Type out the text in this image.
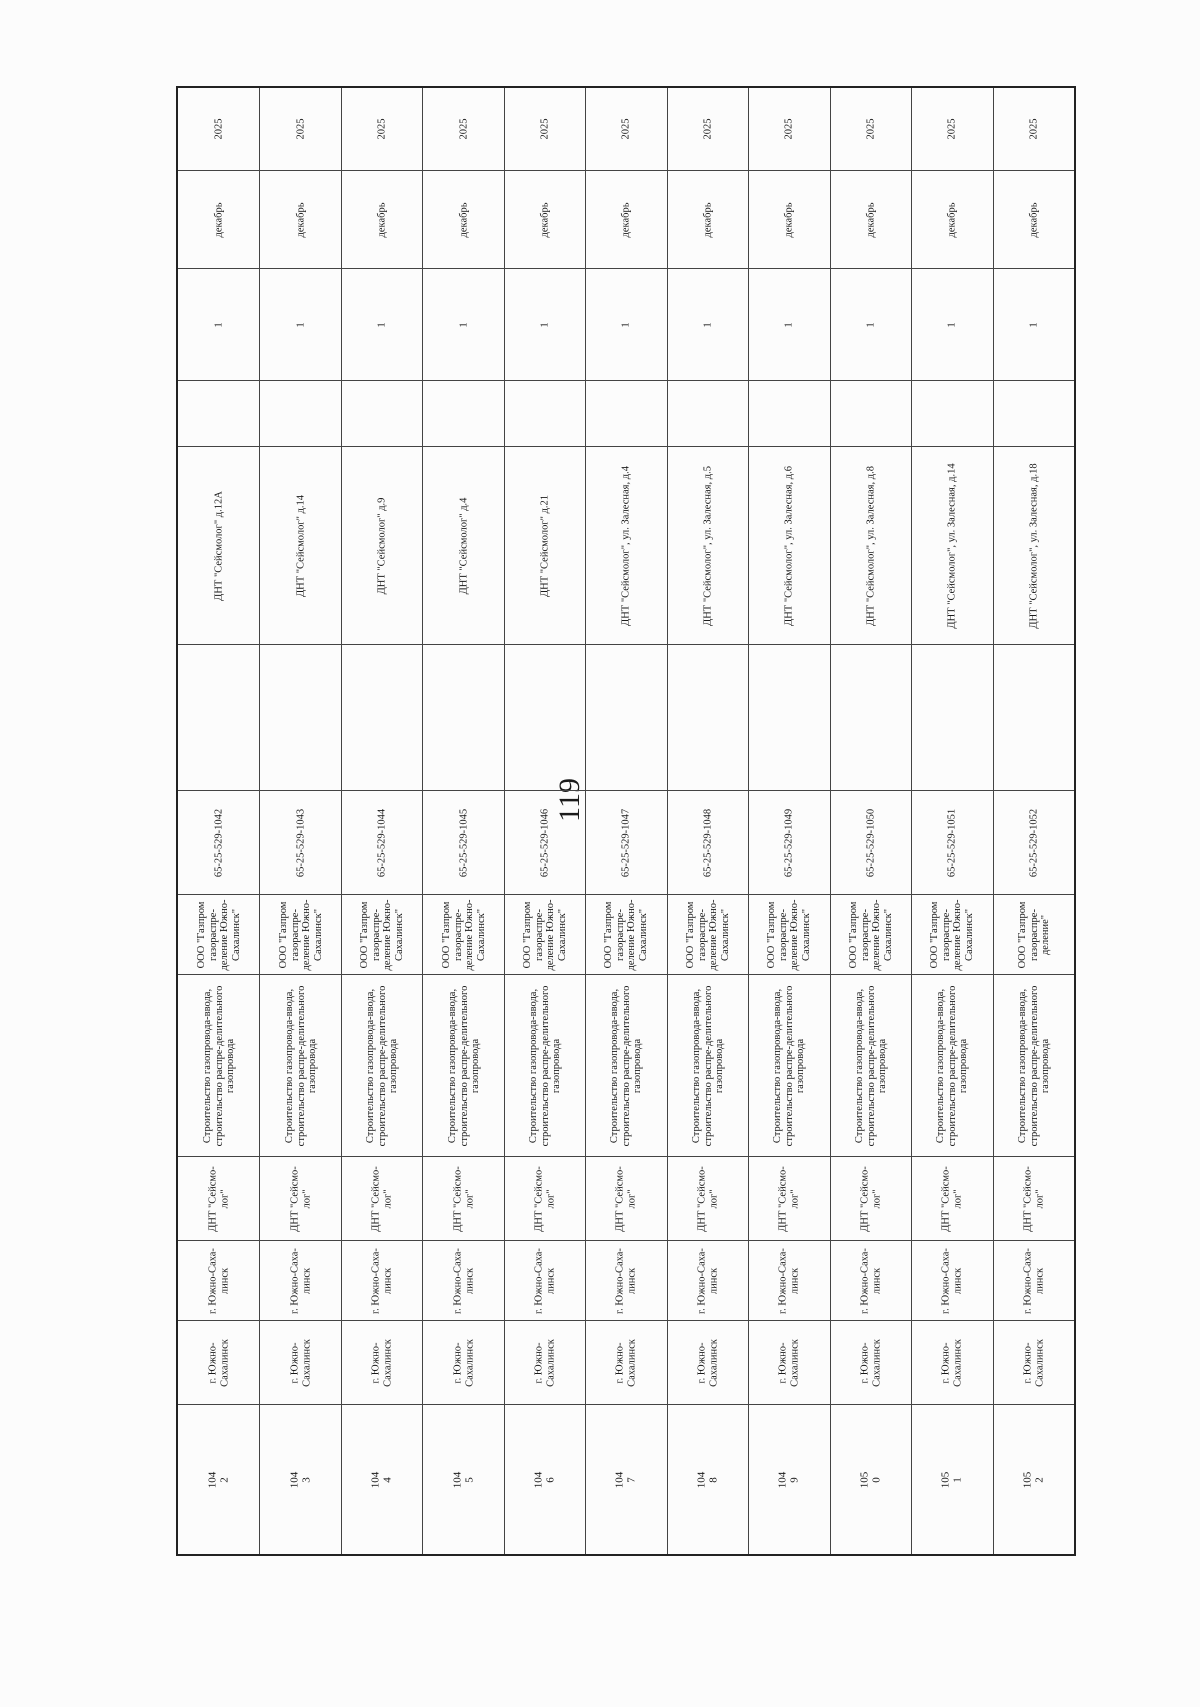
119
2025
декабрь
1
ДНТ "Сейсмолог" д.12А
65-25-529-1042
ООО "Газпром газораспре-деление Южно-Сахалинск"
Строительство газопровода-ввода, строительство распре-делительного газопровода
ДНТ "Сейсмо-лог"
г. Южно-Саха-линск
г. Южно-Сахалинск
104
2
2025
декабрь
1
ДНТ "Сейсмолог" д.14
65-25-529-1043
ООО "Газпром газораспре-деление Южно-Сахалинск"
Строительство газопровода-ввода, строительство распре-делительного газопровода
ДНТ "Сейсмо-лог"
г. Южно-Саха-линск
г. Южно-Сахалинск
104
3
2025
декабрь
1
ДНТ "Сейсмолог" д.9
65-25-529-1044
ООО "Газпром газораспре-деление Южно-Сахалинск"
Строительство газопровода-ввода, строительство распре-делительного газопровода
ДНТ "Сейсмо-лог"
г. Южно-Саха-линск
г. Южно-Сахалинск
104
4
2025
декабрь
1
ДНТ "Сейсмолог" д.4
65-25-529-1045
ООО "Газпром газораспре-деление Южно-Сахалинск"
Строительство газопровода-ввода, строительство распре-делительного газопровода
ДНТ "Сейсмо-лог"
г. Южно-Саха-линск
г. Южно-Сахалинск
104
5
2025
декабрь
1
ДНТ "Сейсмолог" д.21
65-25-529-1046
ООО "Газпром газораспре-деление Южно-Сахалинск"
Строительство газопровода-ввода, строительство распре-делительного газопровода
ДНТ "Сейсмо-лог"
г. Южно-Саха-линск
г. Южно-Сахалинск
104
6
2025
декабрь
1
ДНТ "Сейсмолог", ул. Залесная, д.4
65-25-529-1047
ООО "Газпром газораспре-деление Южно-Сахалинск"
Строительство газопровода-ввода, строительство распре-делительного газопровода
ДНТ "Сейсмо-лог"
г. Южно-Саха-линск
г. Южно-Сахалинск
104
7
2025
декабрь
1
ДНТ "Сейсмолог", ул. Залесная, д.5
65-25-529-1048
ООО "Газпром газораспре-деление Южно-Сахалинск"
Строительство газопровода-ввода, строительство распре-делительного газопровода
ДНТ "Сейсмо-лог"
г. Южно-Саха-линск
г. Южно-Сахалинск
104
8
2025
декабрь
1
ДНТ "Сейсмолог", ул. Залесная, д.6
65-25-529-1049
ООО "Газпром газораспре-деление Южно-Сахалинск"
Строительство газопровода-ввода, строительство распре-делительного газопровода
ДНТ "Сейсмо-лог"
г. Южно-Саха-линск
г. Южно-Сахалинск
104
9
2025
декабрь
1
ДНТ "Сейсмолог", ул. Залесная, д.8
65-25-529-1050
ООО "Газпром газораспре-деление Южно-Сахалинск"
Строительство газопровода-ввода, строительство распре-делительного газопровода
ДНТ "Сейсмо-лог"
г. Южно-Саха-линск
г. Южно-Сахалинск
105
0
2025
декабрь
1
ДНТ "Сейсмолог", ул. Залесная, д.14
65-25-529-1051
ООО "Газпром газораспре-деление Южно-Сахалинск"
Строительство газопровода-ввода, строительство распре-делительного газопровода
ДНТ "Сейсмо-лог"
г. Южно-Саха-линск
г. Южно-Сахалинск
105
1
2025
декабрь
1
ДНТ "Сейсмолог", ул. Залесная, д.18
65-25-529-1052
ООО "Газпром газораспре-деление"
Строительство газопровода-ввода, строительство распре-делительного газопровода
ДНТ "Сейсмо-лог"
г. Южно-Саха-линск
г. Южно-Сахалинск
105
2
